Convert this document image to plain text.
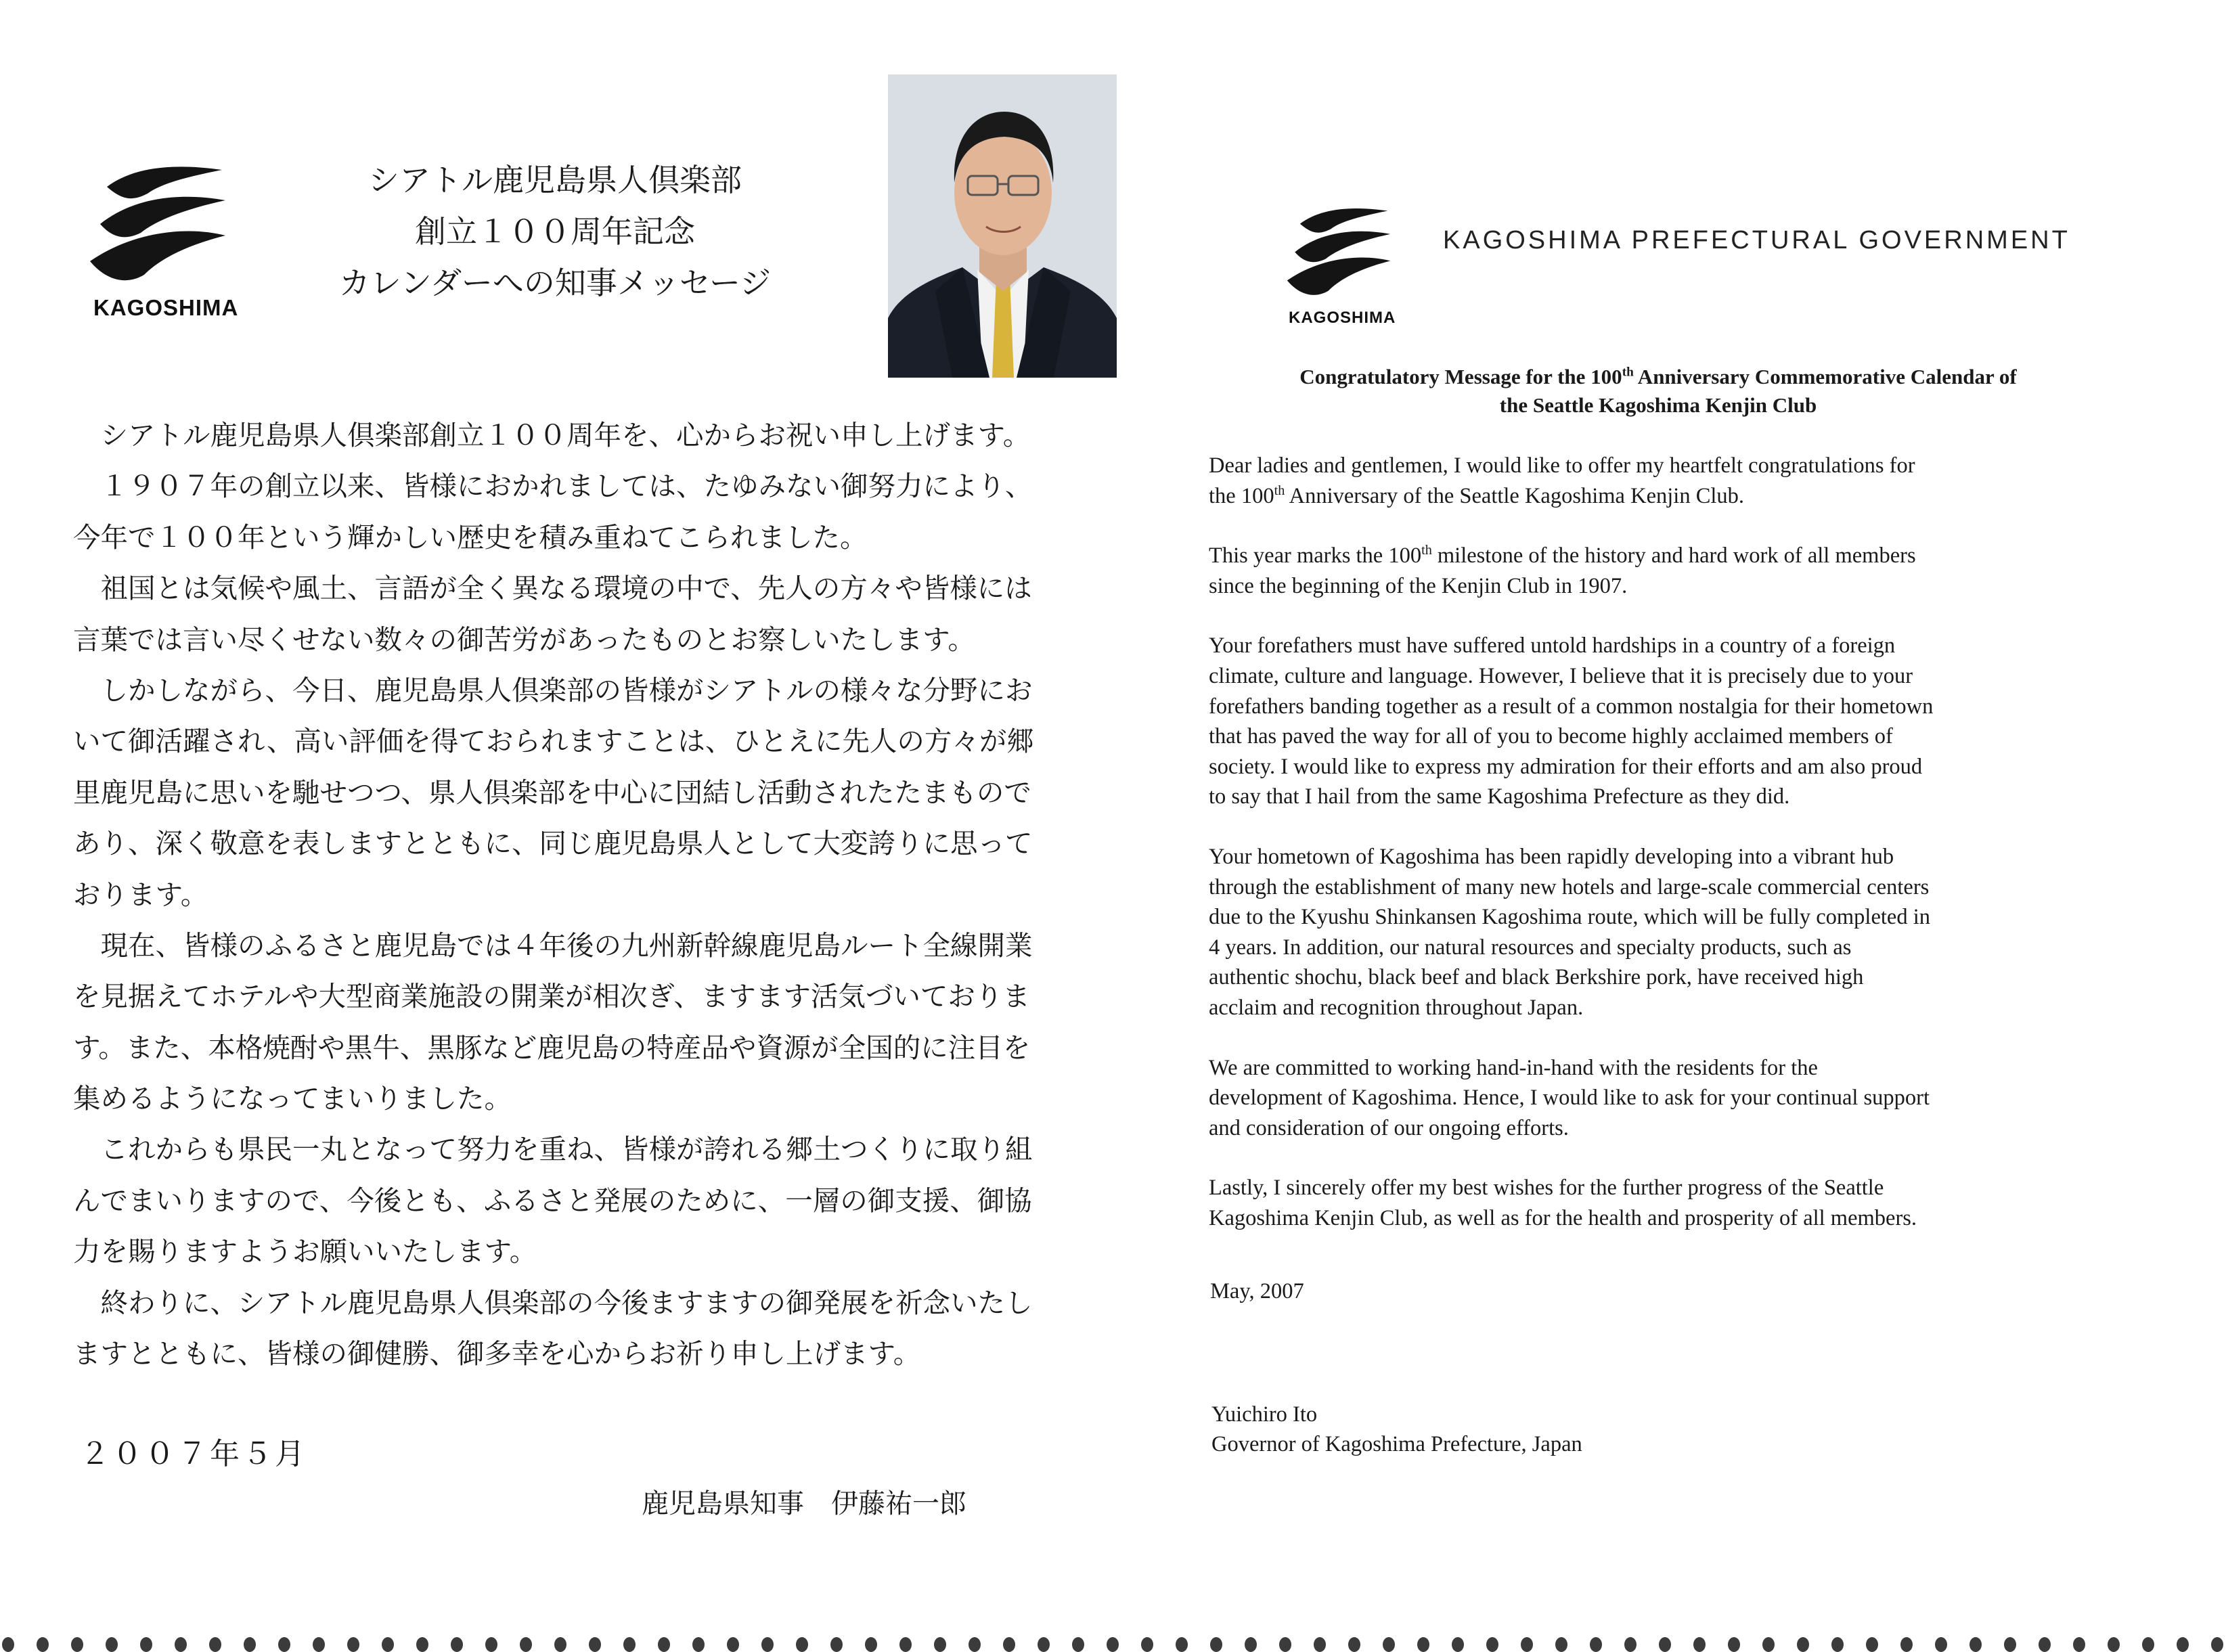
KAGOSHIMA
シアトル鹿児島県人倶楽部
創立１００周年記念
カレンダーへの知事メッセージ
　シアトル鹿児島県人倶楽部創立１００周年を、心からお祝い申し上げます。
　１９０７年の創立以来、皆様におかれましては、たゆみない御努力により、
今年で１００年という輝かしい歴史を積み重ねてこられました。
　祖国とは気候や風土、言語が全く異なる環境の中で、先人の方々や皆様には
言葉では言い尽くせない数々の御苦労があったものとお察しいたします。
　しかしながら、今日、鹿児島県人倶楽部の皆様がシアトルの様々な分野にお
いて御活躍され、高い評価を得ておられますことは、ひとえに先人の方々が郷
里鹿児島に思いを馳せつつ、県人倶楽部を中心に団結し活動されたたまもので
あり、深く敬意を表しますとともに、同じ鹿児島県人として大変誇りに思って
おります。
　現在、皆様のふるさと鹿児島では４年後の九州新幹線鹿児島ルート全線開業
を見据えてホテルや大型商業施設の開業が相次ぎ、ますます活気づいておりま
す。また、本格焼酎や黒牛、黒豚など鹿児島の特産品や資源が全国的に注目を
集めるようになってまいりました。
　これからも県民一丸となって努力を重ね、皆様が誇れる郷土つくりに取り組
んでまいりますので、今後とも、ふるさと発展のために、一層の御支援、御協
力を賜りますようお願いいたします。
　終わりに、シアトル鹿児島県人倶楽部の今後ますますの御発展を祈念いたし
ますとともに、皆様の御健勝、御多幸を心からお祈り申し上げます。
２００７年５月
鹿児島県知事　伊藤祐一郎
KAGOSHIMA
KAGOSHIMA PREFECTURAL GOVERNMENT
Congratulatory Message for the 100th Anniversary Commemorative Calendar of
the Seattle Kagoshima Kenjin Club

Dear ladies and gentlemen, I would like to offer my heartfelt congratulations for
the 100th Anniversary of the Seattle Kagoshima Kenjin Club.

This year marks the 100th milestone of the history and hard work of all members
since the beginning of the Kenjin Club in 1907.

Your forefathers must have suffered untold hardships in a country of a foreign
climate, culture and language. However, I believe that it is precisely due to your
forefathers banding together as a result of a common nostalgia for their hometown
that has paved the way for all of you to become highly acclaimed members of
society. I would like to express my admiration for their efforts and am also proud
to say that I hail from the same Kagoshima Prefecture as they did.

Your hometown of Kagoshima has been rapidly developing into a vibrant hub
through the establishment of many new hotels and large-scale commercial centers
due to the Kyushu Shinkansen Kagoshima route, which will be fully completed in
4 years. In addition, our natural resources and specialty products, such as
authentic shochu, black beef and black Berkshire pork, have received high
acclaim and recognition throughout Japan.

We are committed to working hand-in-hand with the residents for the
development of Kagoshima. Hence, I would like to ask for your continual support
and consideration of our ongoing efforts.

Lastly, I sincerely offer my best wishes for the further progress of the Seattle
Kagoshima Kenjin Club, as well as for the health and prosperity of all members.

May, 2007
Yuichiro Ito
Governor of Kagoshima Prefecture, Japan
